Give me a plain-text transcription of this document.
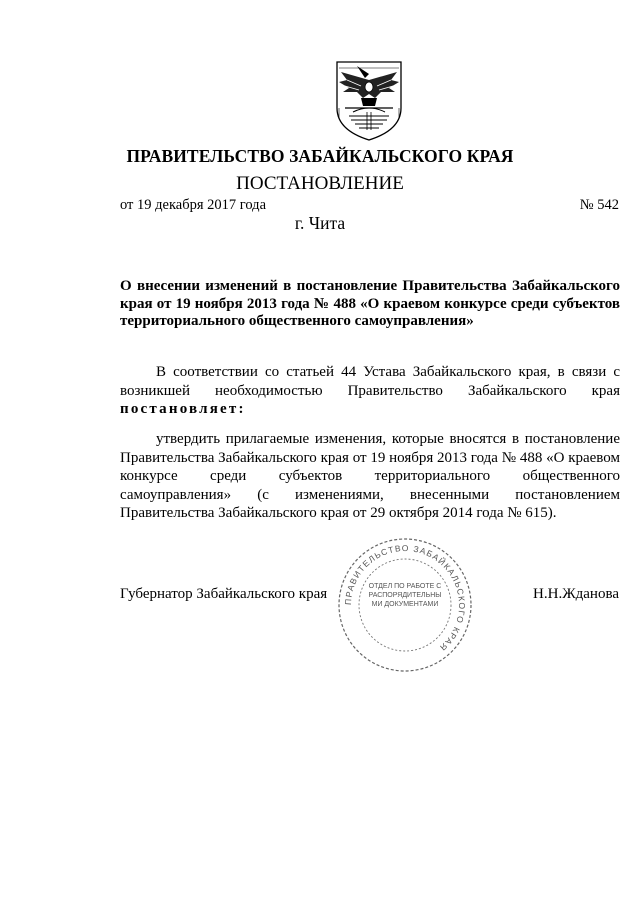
ПРАВИТЕЛЬСТВО ЗАБАЙКАЛЬСКОГО КРАЯ
ПОСТАНОВЛЕНИЕ
от 19 декабря 2017 года	№ 542
г. Чита
О внесении изменений в постановление Правительства Забайкальского края от 19 ноября 2013 года № 488 «О краевом конкурсе среди субъектов территориального общественного самоуправления»
В соответствии со статьей 44 Устава Забайкальского края, в связи с возникшей необходимостью Правительство Забайкальского края постановляет:
утвердить прилагаемые изменения, которые вносятся в постановление Правительства Забайкальского края от 19 ноября 2013 года № 488 «О краевом конкурсе среди субъектов территориального общественного самоуправления» (с изменениями, внесенными постановлением Правительства Забайкальского края от 29 октября 2014 года № 615).
Губернатор Забайкальского края	Н.Н.Жданова
ПРАВИТЕЛЬСТВО ЗАБАЙКАЛЬСКОГО КРАЯ
ОТДЕЛ ПО РАБОТЕ С РАСПОРЯДИТЕЛЬНЫМИ ДОКУМЕНТАМИ
